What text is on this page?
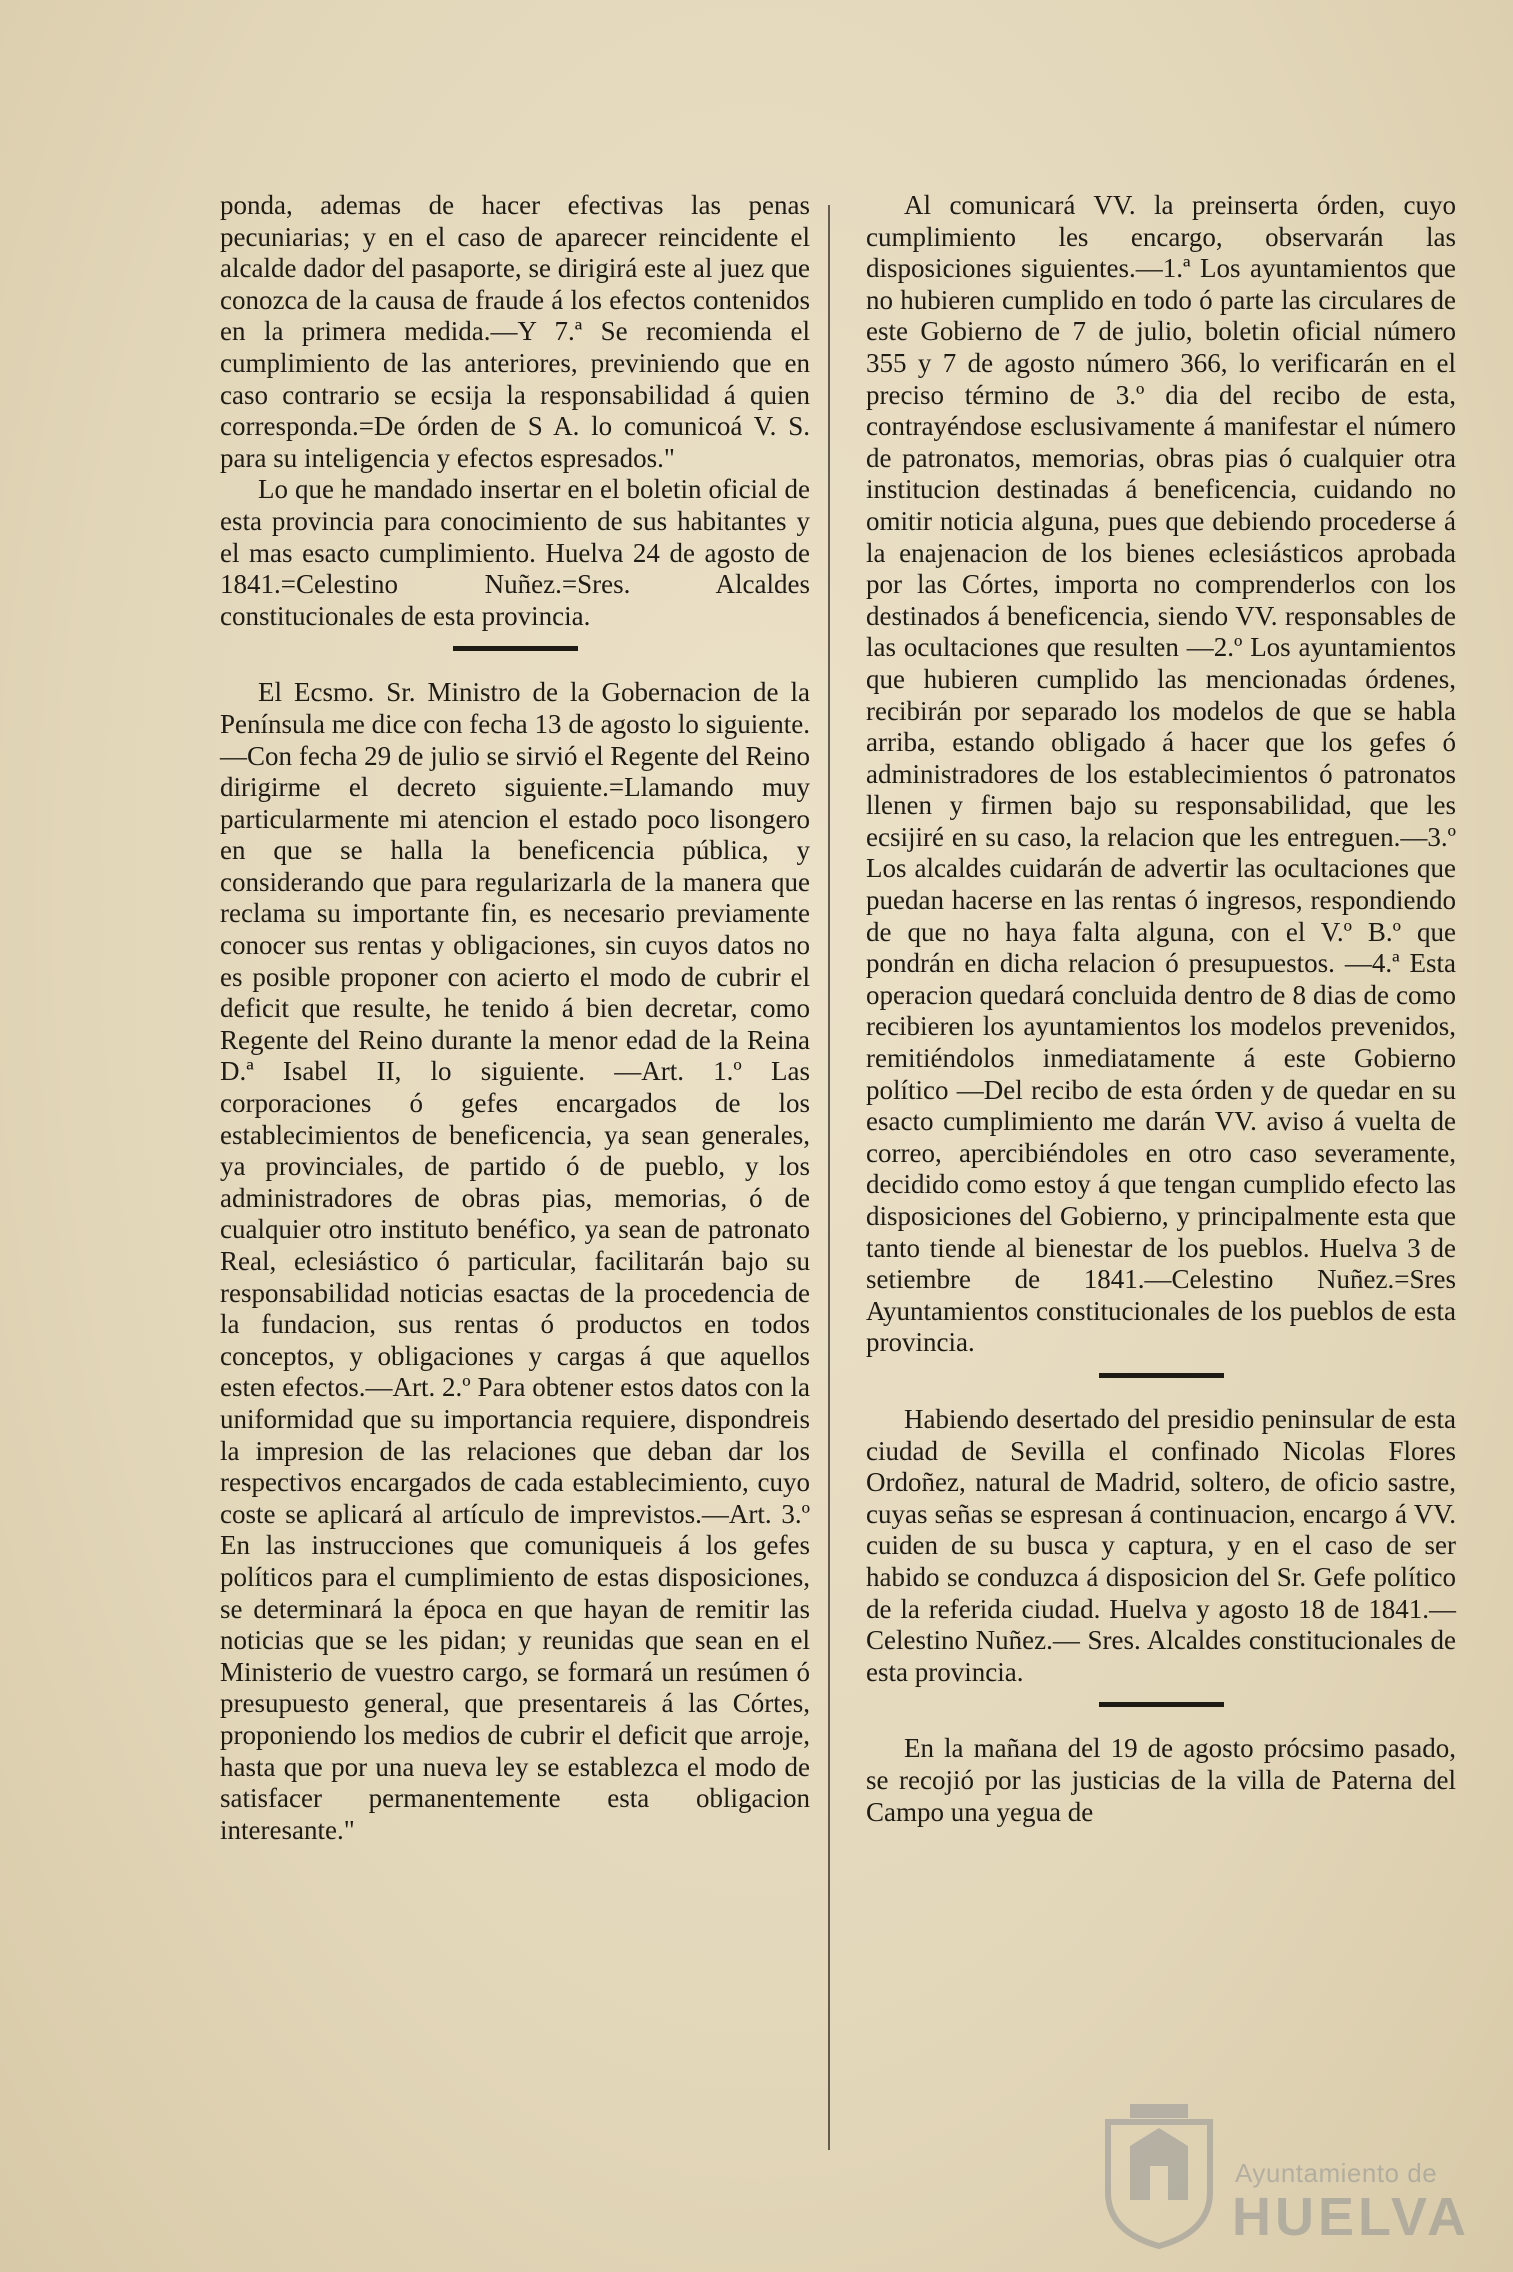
ponda, ademas de hacer efectivas las penas pecuniarias; y en el caso de aparecer reincidente el alcalde dador del pasaporte, se dirigirá este al juez que conozca de la causa de fraude á los efectos contenidos en la primera medida.—Y 7.ª Se recomienda el cumplimiento de las anteriores, previniendo que en caso contrario se ecsija la responsabilidad á quien corresponda.=De órden de S A. lo comunicoá V. S. para su inteligencia y efectos espresados."

Lo que he mandado insertar en el boletin oficial de esta provincia para conocimiento de sus habitantes y el mas esacto cumplimiento. Huelva 24 de agosto de 1841.=Celestino Nuñez.=Sres. Alcaldes constitucionales de esta provincia.

El Ecsmo. Sr. Ministro de la Gobernacion de la Península me dice con fecha 13 de agosto lo siguiente.—Con fecha 29 de julio se sirvió el Regente del Reino dirigirme el decreto siguiente.=Llamando muy particularmente mi atencion el estado poco lisongero en que se halla la beneficencia pública, y considerando que para regularizarla de la manera que reclama su importante fin, es necesario previamente conocer sus rentas y obligaciones, sin cuyos datos no es posible proponer con acierto el modo de cubrir el deficit que resulte, he tenido á bien decretar, como Regente del Reino durante la menor edad de la Reina D.ª Isabel II, lo siguiente. —Art. 1.º Las corporaciones ó gefes encargados de los establecimientos de beneficencia, ya sean generales, ya provinciales, de partido ó de pueblo, y los administradores de obras pias, memorias, ó de cualquier otro instituto benéfico, ya sean de patronato Real, eclesiástico ó particular, facilitarán bajo su responsabilidad noticias esactas de la procedencia de la fundacion, sus rentas ó productos en todos conceptos, y obligaciones y cargas á que aquellos esten efectos.—Art. 2.º Para obtener estos datos con la uniformidad que su importancia requiere, dispondreis la impresion de las relaciones que deban dar los respectivos encargados de cada establecimiento, cuyo coste se aplicará al artículo de imprevistos.—Art. 3.º En las instrucciones que comuniqueis á los gefes políticos para el cumplimiento de estas disposiciones, se determinará la época en que hayan de remitir las noticias que se les pidan; y reunidas que sean en el Ministerio de vuestro cargo, se formará un resúmen ó presupuesto general, que presentareis á las Córtes, proponiendo los medios de cubrir el deficit que arroje, hasta que por una nueva ley se establezca el modo de satisfacer permanentemente esta obligacion interesante."

Al comunicará VV. la preinserta órden, cuyo cumplimiento les encargo, observarán las disposiciones siguientes.—1.ª Los ayuntamientos que no hubieren cumplido en todo ó parte las circulares de este Gobierno de 7 de julio, boletin oficial número 355 y 7 de agosto número 366, lo verificarán en el preciso término de 3.º dia del recibo de esta, contrayéndose esclusivamente á manifestar el número de patronatos, memorias, obras pias ó cualquier otra institucion destinadas á beneficencia, cuidando no omitir noticia alguna, pues que debiendo procederse á la enajenacion de los bienes eclesiásticos aprobada por las Córtes, importa no comprenderlos con los destinados á beneficencia, siendo VV. responsables de las ocultaciones que resulten —2.º Los ayuntamientos que hubieren cumplido las mencionadas órdenes, recibirán por separado los modelos de que se habla arriba, estando obligado á hacer que los gefes ó administradores de los establecimientos ó patronatos llenen y firmen bajo su responsabilidad, que les ecsijiré en su caso, la relacion que les entreguen.—3.º Los alcaldes cuidarán de advertir las ocultaciones que puedan hacerse en las rentas ó ingresos, respondiendo de que no haya falta alguna, con el V.º B.º que pondrán en dicha relacion ó presupuestos. —4.ª Esta operacion quedará concluida dentro de 8 dias de como recibieren los ayuntamientos los modelos prevenidos, remitiéndolos inmediatamente á este Gobierno político —Del recibo de esta órden y de quedar en su esacto cumplimiento me darán VV. aviso á vuelta de correo, apercibiéndoles en otro caso severamente, decidido como estoy á que tengan cumplido efecto las disposiciones del Gobierno, y principalmente esta que tanto tiende al bienestar de los pueblos. Huelva 3 de setiembre de 1841.—Celestino Nuñez.=Sres Ayuntamientos constitucionales de los pueblos de esta provincia.

Habiendo desertado del presidio peninsular de esta ciudad de Sevilla el confinado Nicolas Flores Ordoñez, natural de Madrid, soltero, de oficio sastre, cuyas señas se espresan á continuacion, encargo á VV. cuiden de su busca y captura, y en el caso de ser habido se conduzca á disposicion del Sr. Gefe político de la referida ciudad. Huelva y agosto 18 de 1841.—Celestino Nuñez.— Sres. Alcaldes constitucionales de esta provincia.

En la mañana del 19 de agosto prócsimo pasado, se recojió por las justicias de la villa de Paterna del Campo una yegua de

Ayuntamiento de
HUELVA
